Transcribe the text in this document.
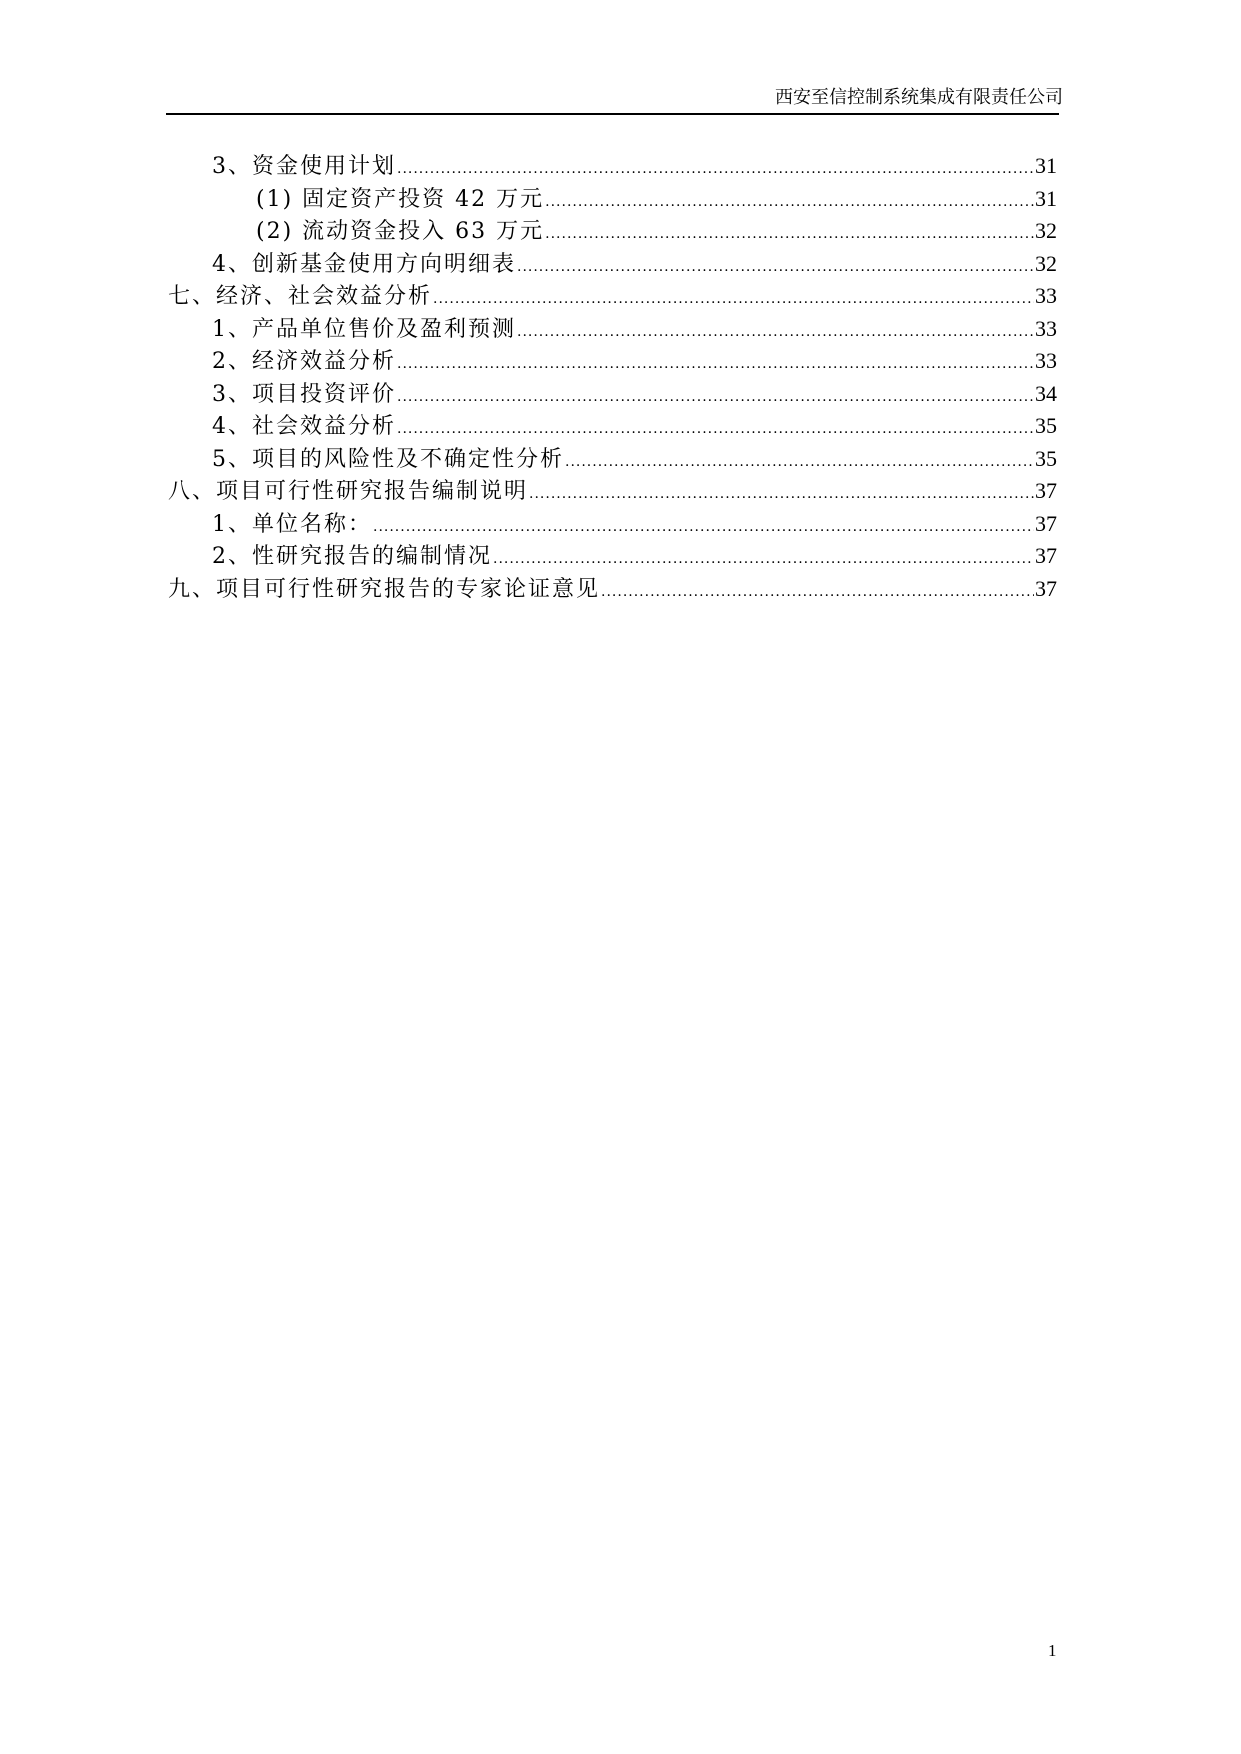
西安至信控制系统集成有限责任公司
3、资金使用计划 .....	31
(1) 固定资产投资 42 万元 .....	31
(2) 流动资金投入 63 万元 .....	32
4、创新基金使用方向明细表 .....	32
七、经济、社会效益分析 .....	33
1、产品单位售价及盈利预测 .....	33
2、经济效益分析 .....	33
3、项目投资评价 .....	34
4、社会效益分析 .....	35
5、项目的风险性及不确定性分析 .....	35
八、项目可行性研究报告编制说明 .....	37
1、单位名称： .....	37
2、性研究报告的编制情况 .....	37
九、项目可行性研究报告的专家论证意见 .....	37
1
